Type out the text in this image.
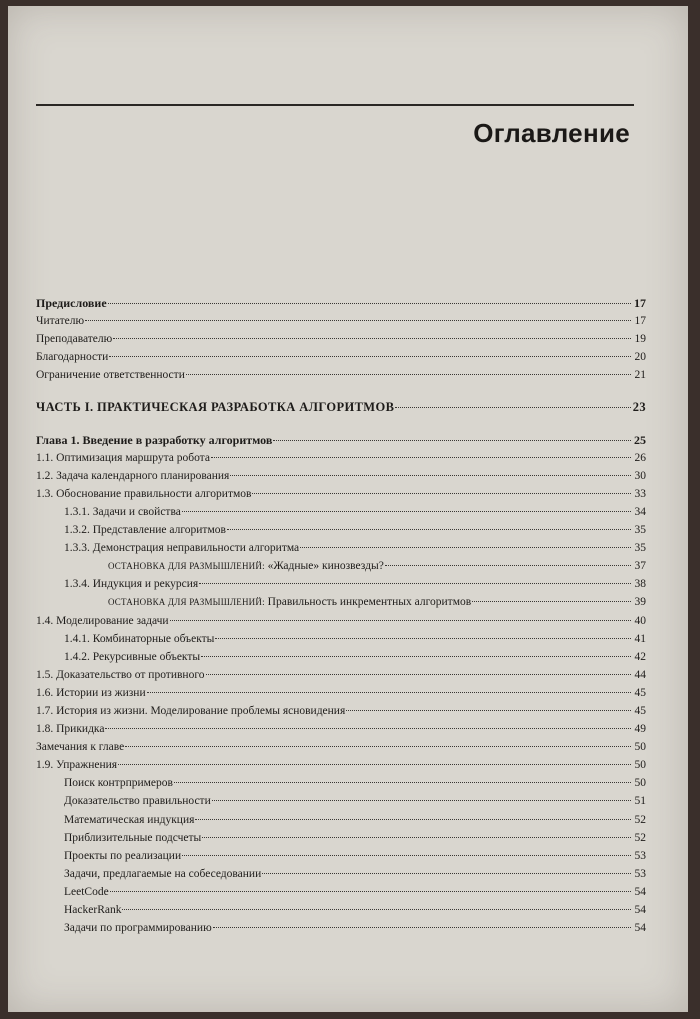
Оглавление
Предисловие	17
Читателю	17
Преподавателю	19
Благодарности	20
Ограничение ответственности	21
ЧАСТЬ I. ПРАКТИЧЕСКАЯ РАЗРАБОТКА АЛГОРИТМОВ	23
Глава 1. Введение в разработку алгоритмов	25
1.1. Оптимизация маршрута робота	26
1.2. Задача календарного планирования	30
1.3. Обоснование правильности алгоритмов	33
1.3.1. Задачи и свойства	34
1.3.2. Представление алгоритмов	35
1.3.3. Демонстрация неправильности алгоритма	35
ОСТАНОВКА ДЛЯ РАЗМЫШЛЕНИЙ: «Жадные» кинозвезды?	37
1.3.4. Индукция и рекурсия	38
ОСТАНОВКА ДЛЯ РАЗМЫШЛЕНИЙ: Правильность инкрементных алгоритмов	39
1.4. Моделирование задачи	40
1.4.1. Комбинаторные объекты	41
1.4.2. Рекурсивные объекты	42
1.5. Доказательство от противного	44
1.6. Истории из жизни	45
1.7. История из жизни. Моделирование проблемы ясновидения	45
1.8. Прикидка	49
Замечания к главе	50
1.9. Упражнения	50
Поиск контрпримеров	50
Доказательство правильности	51
Математическая индукция	52
Приблизительные подсчеты	52
Проекты по реализации	53
Задачи, предлагаемые на собеседовании	53
LeetCode	54
HackerRank	54
Задачи по программированию	54
